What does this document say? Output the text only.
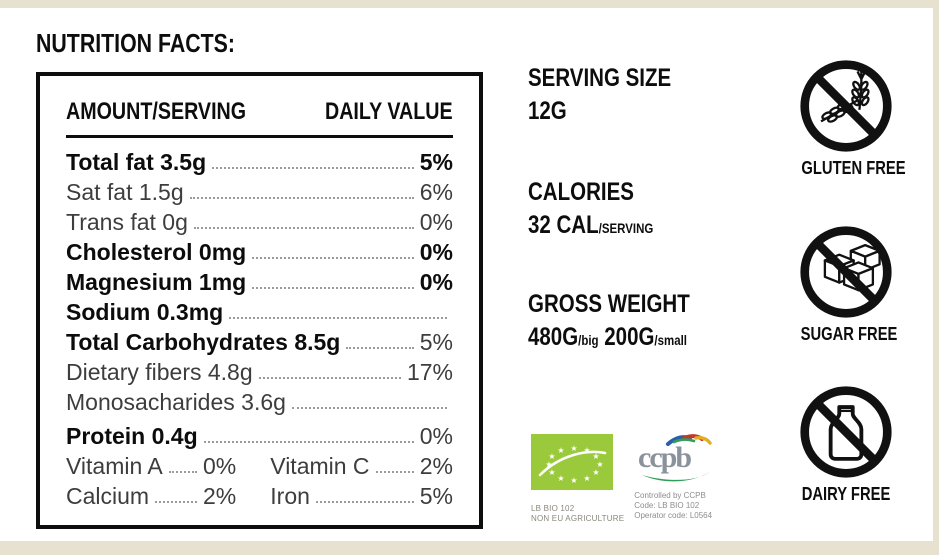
NUTRITION FACTS:
AMOUNT/SERVING	DAILY VALUE
Total fat 3.5g	5%
Sat fat 1.5g	6%
Trans fat 0g	0%
Cholesterol 0mg	0%
Magnesium 1mg	0%
Sodium 0.3mg
Total Carbohydrates 8.5g	5%
Dietary fibers 4.8g	17%
Monosacharides 3.6g
Protein 0.4g	0%
Vitamin A 0% Vitamin C 2%
Calcium 2% Iron	5%
SERVING SIZE
12G
CALORIES
32 CAL/SERVING
GROSS WEIGHT
480G/big 200G/small
★
★
★
★
★
★
★
★
★ ★ ★
★
LB BIO 102
NON EU AGRICULTURE
ccpb
Controlled by CCPB
Code: LB BIO 102
Operator code: L0564
GLUTEN FREE
SUGAR FREE
DAIRY FREE
